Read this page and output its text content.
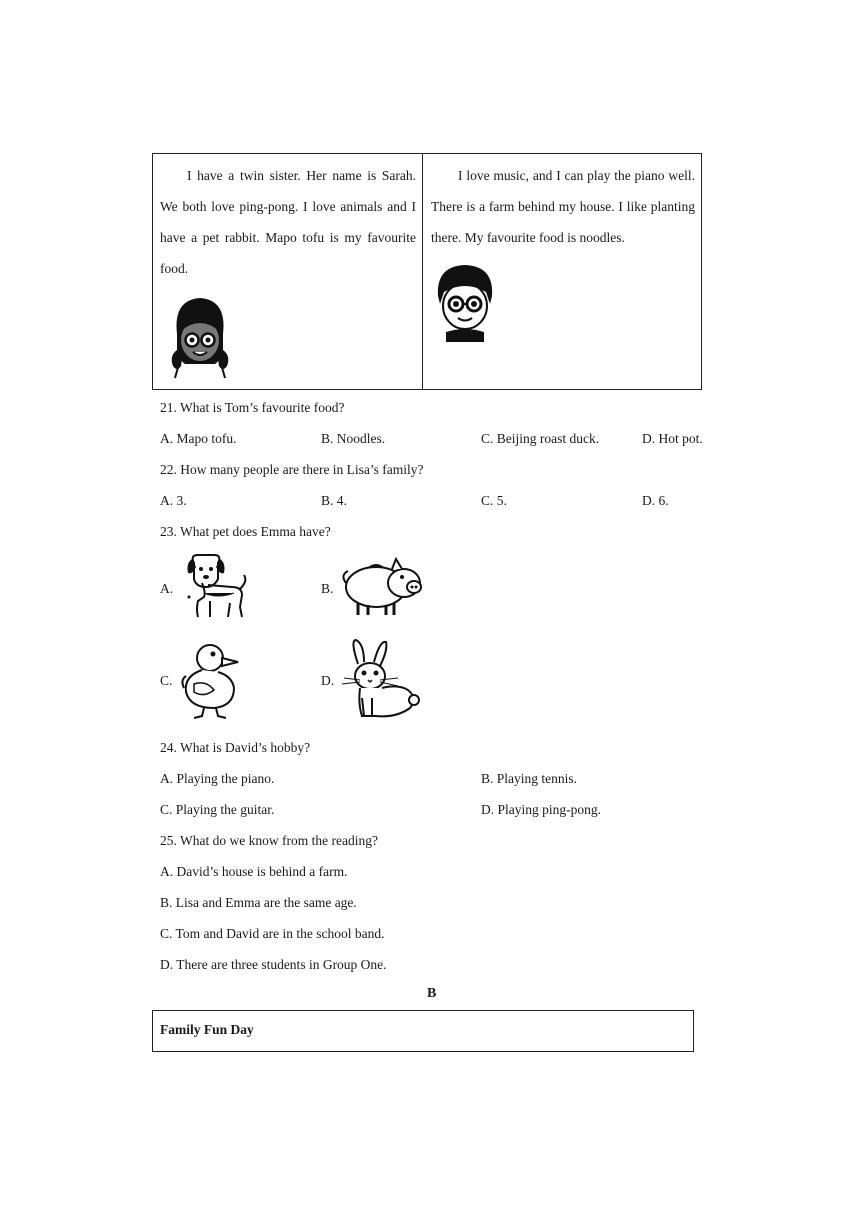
I have a twin sister. Her name is Sarah. We both love ping-pong. I love animals and I have a pet rabbit. Mapo tofu is my favourite food.

I love music, and I can play the piano well. There is a farm behind my house. I like planting there. My favourite food is noodles.

21. What is Tom’s favourite food?
A. Mapo tofu.	B. Noodles.	C. Beijing roast duck.	D. Hot pot.
22. How many people are there in Lisa’s family?
A. 3.	B. 4.	C. 5.	D. 6.
23. What pet does Emma have?
A.	B.
C.	D.
24. What is David’s hobby?
A. Playing the piano.	B. Playing tennis.
C. Playing the guitar.	D. Playing ping-pong.
25. What do we know from the reading?
A. David’s house is behind a farm.
B. Lisa and Emma are the same age.
C. Tom and David are in the school band.
D. There are three students in Group One.
B
Family Fun Day
